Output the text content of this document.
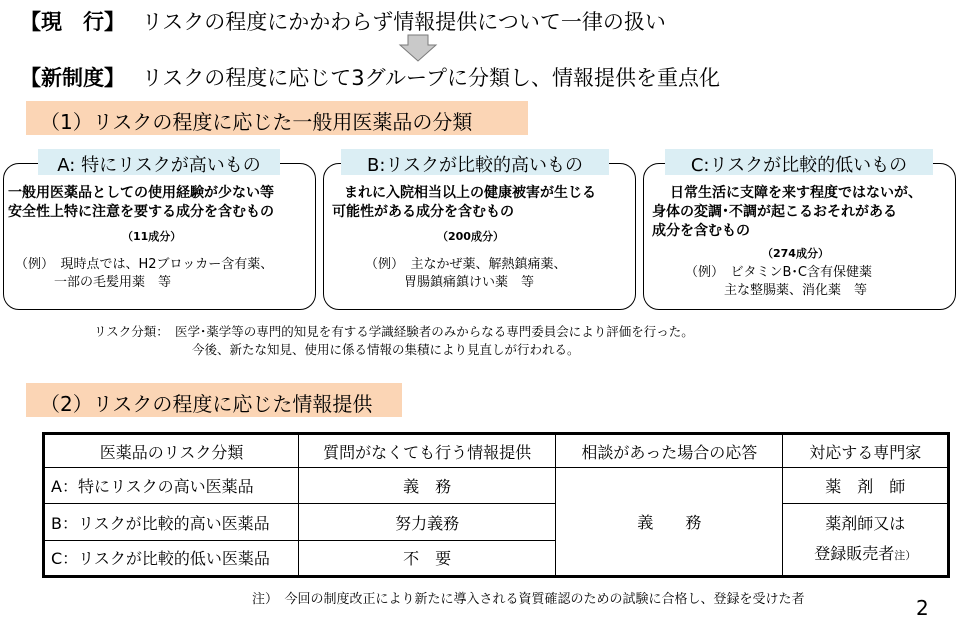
【現　行】 リスクの程度にかかわらず情報提供について一律の扱い
【新制度】 リスクの程度に応じて3グループに分類し、情報提供を重点化
（1）リスクの程度に応じた一般用医薬品の分類
A: 特にリスクが高いもの
一般用医薬品としての使用経験が少ない等
安全性上特に注意を要する成分を含むもの
（11成分）
（例）　現時点では、H2ブロッカー含有薬、
　　　一部の毛髪用薬　等
B:リスクが比較的高いもの
まれに入院相当以上の健康被害が生じる
可能性がある成分を含むもの
（200成分）
（例）　主なかぜ薬、解熱鎮痛薬、
　　　胃腸鎮痛鎮けい薬　等
C:リスクが比較的低いもの
日常生活に支障を来す程度ではないが、
身体の変調･不調が起こるおそれがある
成分を含むもの
（274成分）
（例）　ビタミンB･C含有保健薬
　　　主な整腸薬、消化薬　等
リスク分類：　医学･薬学等の専門的知見を有する学識経験者のみからなる専門委員会により評価を行った。
今後、新たな知見、使用に係る情報の集積により見直しが行われる。
（2）リスクの程度に応じた情報提供
医薬品のリスク分類	質問がなくても行う情報提供	相談があった場合の応答	対応する専門家
A：特にリスクの高い医薬品	義　務	義　　務	薬　剤　師
B：リスクが比較的高い医薬品	努力義務		薬剤師又は
登録販売者注）

C：リスクが比較的低い医薬品	不　要		
注）　今回の制度改正により新たに導入される資質確認のための試験に合格し、登録を受けた者	2
